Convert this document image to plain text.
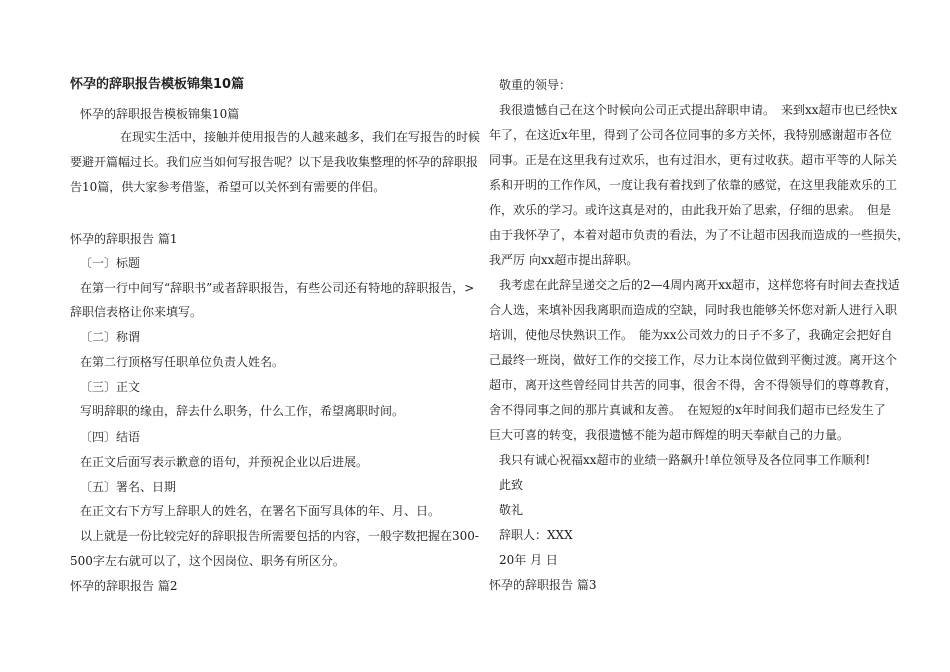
怀孕的辞职报告模板锦集10篇
怀孕的辞职报告模板锦集10篇
在现实生活中，接触并使用报告的人越来越多，我们在写报告的时候
要避开篇幅过长。我们应当如何写报告呢？以下是我收集整理的怀孕的辞职报
告10篇，供大家参考借鉴，希望可以关怀到有需要的伴侣。
怀孕的辞职报告 篇1
〔一〕标题
在第一行中间写“辞职书”或者辞职报告，有些公司还有特地的辞职报告，>
辞职信表格让你来填写。
〔二〕称谓
在第二行顶格写任职单位负责人姓名。
〔三〕正文
写明辞职的缘由，辞去什么职务，什么工作，希望离职时间。
〔四〕结语
在正文后面写表示歉意的语句，并预祝企业以后进展。
〔五〕署名、日期
在正文右下方写上辞职人的姓名，在署名下面写具体的年、月、日。
以上就是一份比较完好的辞职报告所需要包括的内容，一般字数把握在300-
500字左右就可以了，这个因岗位、职务有所区分。
怀孕的辞职报告 篇2
敬重的领导：
我很遗憾自己在这个时候向公司正式提出辞职申请。　来到xx超市也已经快x
年了，在这近x年里，得到了公司各位同事的多方关怀，我特别感谢超市各位
同事。正是在这里我有过欢乐，也有过泪水，更有过收获。超市平等的人际关
系和开明的工作作风，一度让我有着找到了依靠的感觉，在这里我能欢乐的工
作，欢乐的学习。或许这真是对的，由此我开始了思索，仔细的思索。　但是
由于我怀孕了，本着对超市负责的看法，为了不让超市因我而造成的一些损失，
我严厉 向xx超市提出辞职。
我考虑在此辞呈递交之后的2—4周内离开xx超市，这样您将有时间去查找适
合人选，来填补因我离职而造成的空缺，同时我也能够关怀您对新人进行入职
培训，使他尽快熟识工作。　能为xx公司效力的日子不多了，我确定会把好自
己最终一班岗，做好工作的交接工作，尽力让本岗位做到平衡过渡。离开这个
超市，离开这些曾经同甘共苦的同事，很舍不得，舍不得领导们的尊尊教育，
舍不得同事之间的那片真诚和友善。　在短短的x年时间我们超市已经发生了
巨大可喜的转变，我很遗憾不能为超市辉煌的明天奉献自己的力量。
我只有诚心祝福xx超市的业绩一路飙升!单位领导及各位同事工作顺利!
此致
敬礼
辞职人：XXX
20年 月 日
怀孕的辞职报告 篇3
